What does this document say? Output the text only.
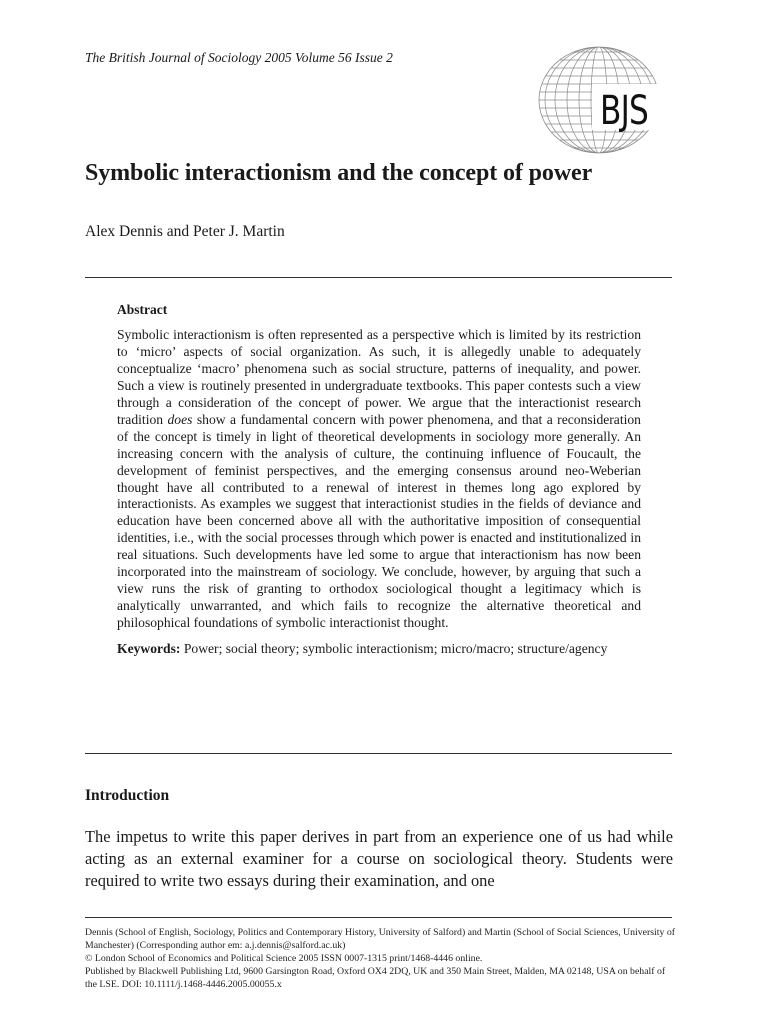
The British Journal of Sociology 2005 Volume 56 Issue 2
BJS
Symbolic interactionism and the concept of power
Alex Dennis and Peter J. Martin
Abstract

Symbolic interactionism is often represented as a perspective which is limited by its restriction to ‘micro’ aspects of social organization. As such, it is allegedly unable to adequately conceptualize ‘macro’ phenomena such as social structure, patterns of inequality, and power. Such a view is routinely presented in undergraduate textbooks. This paper contests such a view through a consideration of the concept of power. We argue that the interactionist research tradition does show a fundamental concern with power phenomena, and that a reconsideration of the concept is timely in light of theoretical developments in sociology more generally. An increasing concern with the analysis of culture, the continuing influence of Foucault, the development of feminist perspectives, and the emerging consensus around neo-Weberian thought have all contributed to a renewal of interest in themes long ago explored by interactionists. As examples we suggest that interactionist studies in the fields of deviance and education have been concerned above all with the authoritative imposition of consequential identities, i.e., with the social processes through which power is enacted and institutionalized in real situations. Such developments have led some to argue that interactionism has now been incorporated into the mainstream of sociology. We conclude, however, by arguing that such a view runs the risk of granting to orthodox sociological thought a legitimacy which is analytically unwarranted, and which fails to recognize the alternative theoretical and philosophical foundations of symbolic interactionist thought.

Keywords: Power; social theory; symbolic interactionism; micro/macro; structure/agency

Introduction

The impetus to write this paper derives in part from an experience one of us had while acting as an external examiner for a course on sociological theory. Students were required to write two essays during their examination, and one

Dennis (School of English, Sociology, Politics and Contemporary History, University of Salford) and Martin (School of Social Sciences, University of Manchester) (Corresponding author em: a.j.dennis@salford.ac.uk)

© London School of Economics and Political Science 2005 ISSN 0007-1315 print/1468-4446 online.

Published by Blackwell Publishing Ltd, 9600 Garsington Road, Oxford OX4 2DQ, UK and 350 Main Street, Malden, MA 02148, USA on behalf of the LSE. DOI: 10.1111/j.1468-4446.2005.00055.x
